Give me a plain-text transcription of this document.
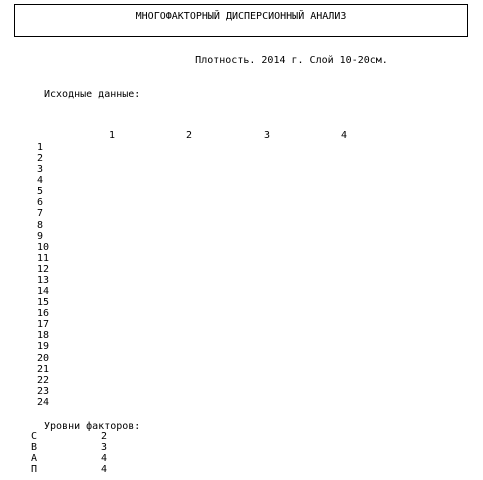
МНОГОФАКТОРНЫЙ ДИСПЕРСИОННЫЙ АНАЛИЗ
Плотность. 2014 г. Слой 10-20см.
Исходные данные:
1	2	3	4
1
2
3
4
5
6
7
8
9
10
11
12
13
14
15
16
17
18
19
20
21
22
23
24
Уровни факторов:
С	2
В	3
А	4
П	4
